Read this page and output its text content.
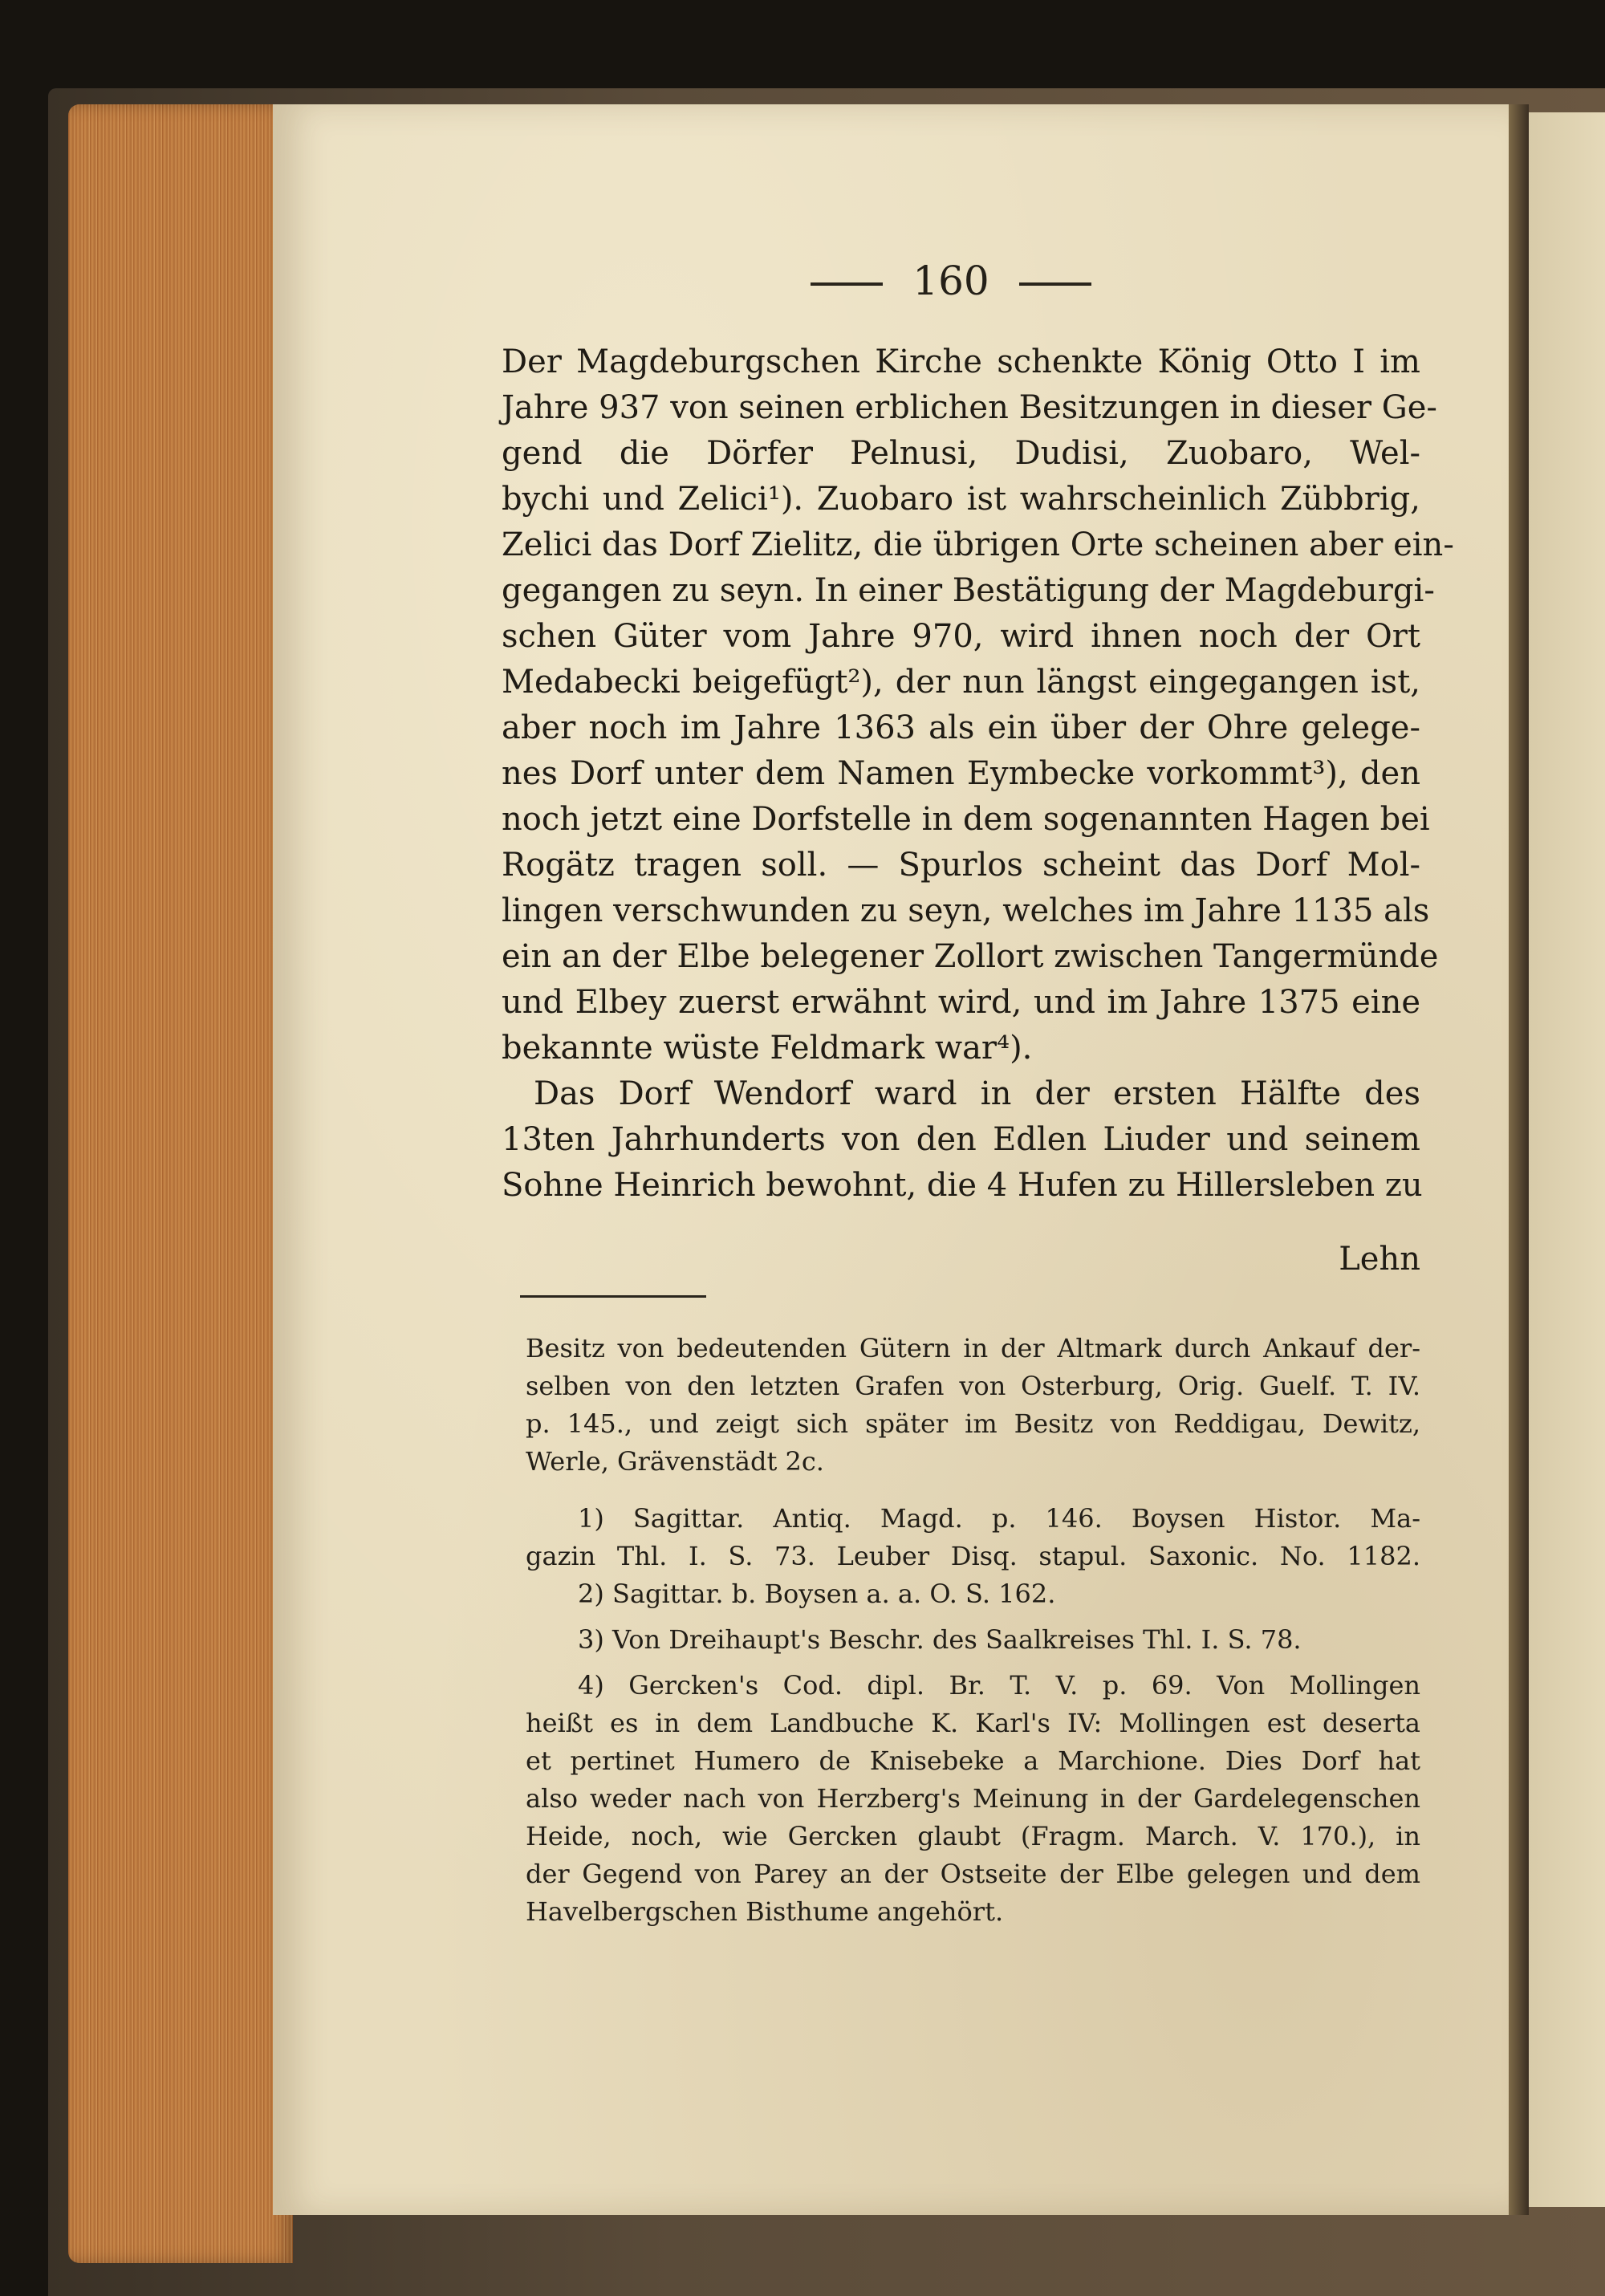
160
Der Magdeburgschen Kirche schenkte König Otto I im
Jahre 937 von seinen erblichen Besitzungen in dieser Ge-
gend die Dörfer Pelnusi, Dudisi, Zuobaro, Wel-
bychi und Zelici¹). Zuobaro ist wahrscheinlich Zübbrig,
Zelici das Dorf Zielitz, die übrigen Orte scheinen aber ein-
gegangen zu seyn. In einer Bestätigung der Magdeburgi-
schen Güter vom Jahre 970, wird ihnen noch der Ort
Medabecki beigefügt²), der nun längst eingegangen ist,
aber noch im Jahre 1363 als ein über der Ohre gelege-
nes Dorf unter dem Namen Eymbecke vorkommt³), den
noch jetzt eine Dorfstelle in dem sogenannten Hagen bei
Rogätz tragen soll. — Spurlos scheint das Dorf Mol-
lingen verschwunden zu seyn, welches im Jahre 1135 als
ein an der Elbe belegener Zollort zwischen Tangermünde
und Elbey zuerst erwähnt wird, und im Jahre 1375 eine
bekannte wüste Feldmark war⁴).
Das Dorf Wendorf ward in der ersten Hälfte des
13ten Jahrhunderts von den Edlen Liuder und seinem
Sohne Heinrich bewohnt, die 4 Hufen zu Hillersleben zu
Lehn
Besitz von bedeutenden Gütern in der Altmark durch Ankauf der-
selben von den letzten Grafen von Osterburg, Orig. Guelf. T. IV.
p. 145., und zeigt sich später im Besitz von Reddigau, Dewitz,
Werle, Grävenstädt 2c.
1) Sagittar. Antiq. Magd. p. 146. Boysen Histor. Ma-
gazin Thl. I. S. 73. Leuber Disq. stapul. Saxonic. No. 1182.
2) Sagittar. b. Boysen a. a. O. S. 162.
3) Von Dreihaupt's Beschr. des Saalkreises Thl. I. S. 78.
4) Gercken's Cod. dipl. Br. T. V. p. 69. Von Mollingen
heißt es in dem Landbuche K. Karl's IV: Mollingen est deserta
et pertinet Humero de Knisebeke a Marchione. Dies Dorf hat
also weder nach von Herzberg's Meinung in der Gardelegenschen
Heide, noch, wie Gercken glaubt (Fragm. March. V. 170.), in
der Gegend von Parey an der Ostseite der Elbe gelegen und dem
Havelbergschen Bisthume angehört.
